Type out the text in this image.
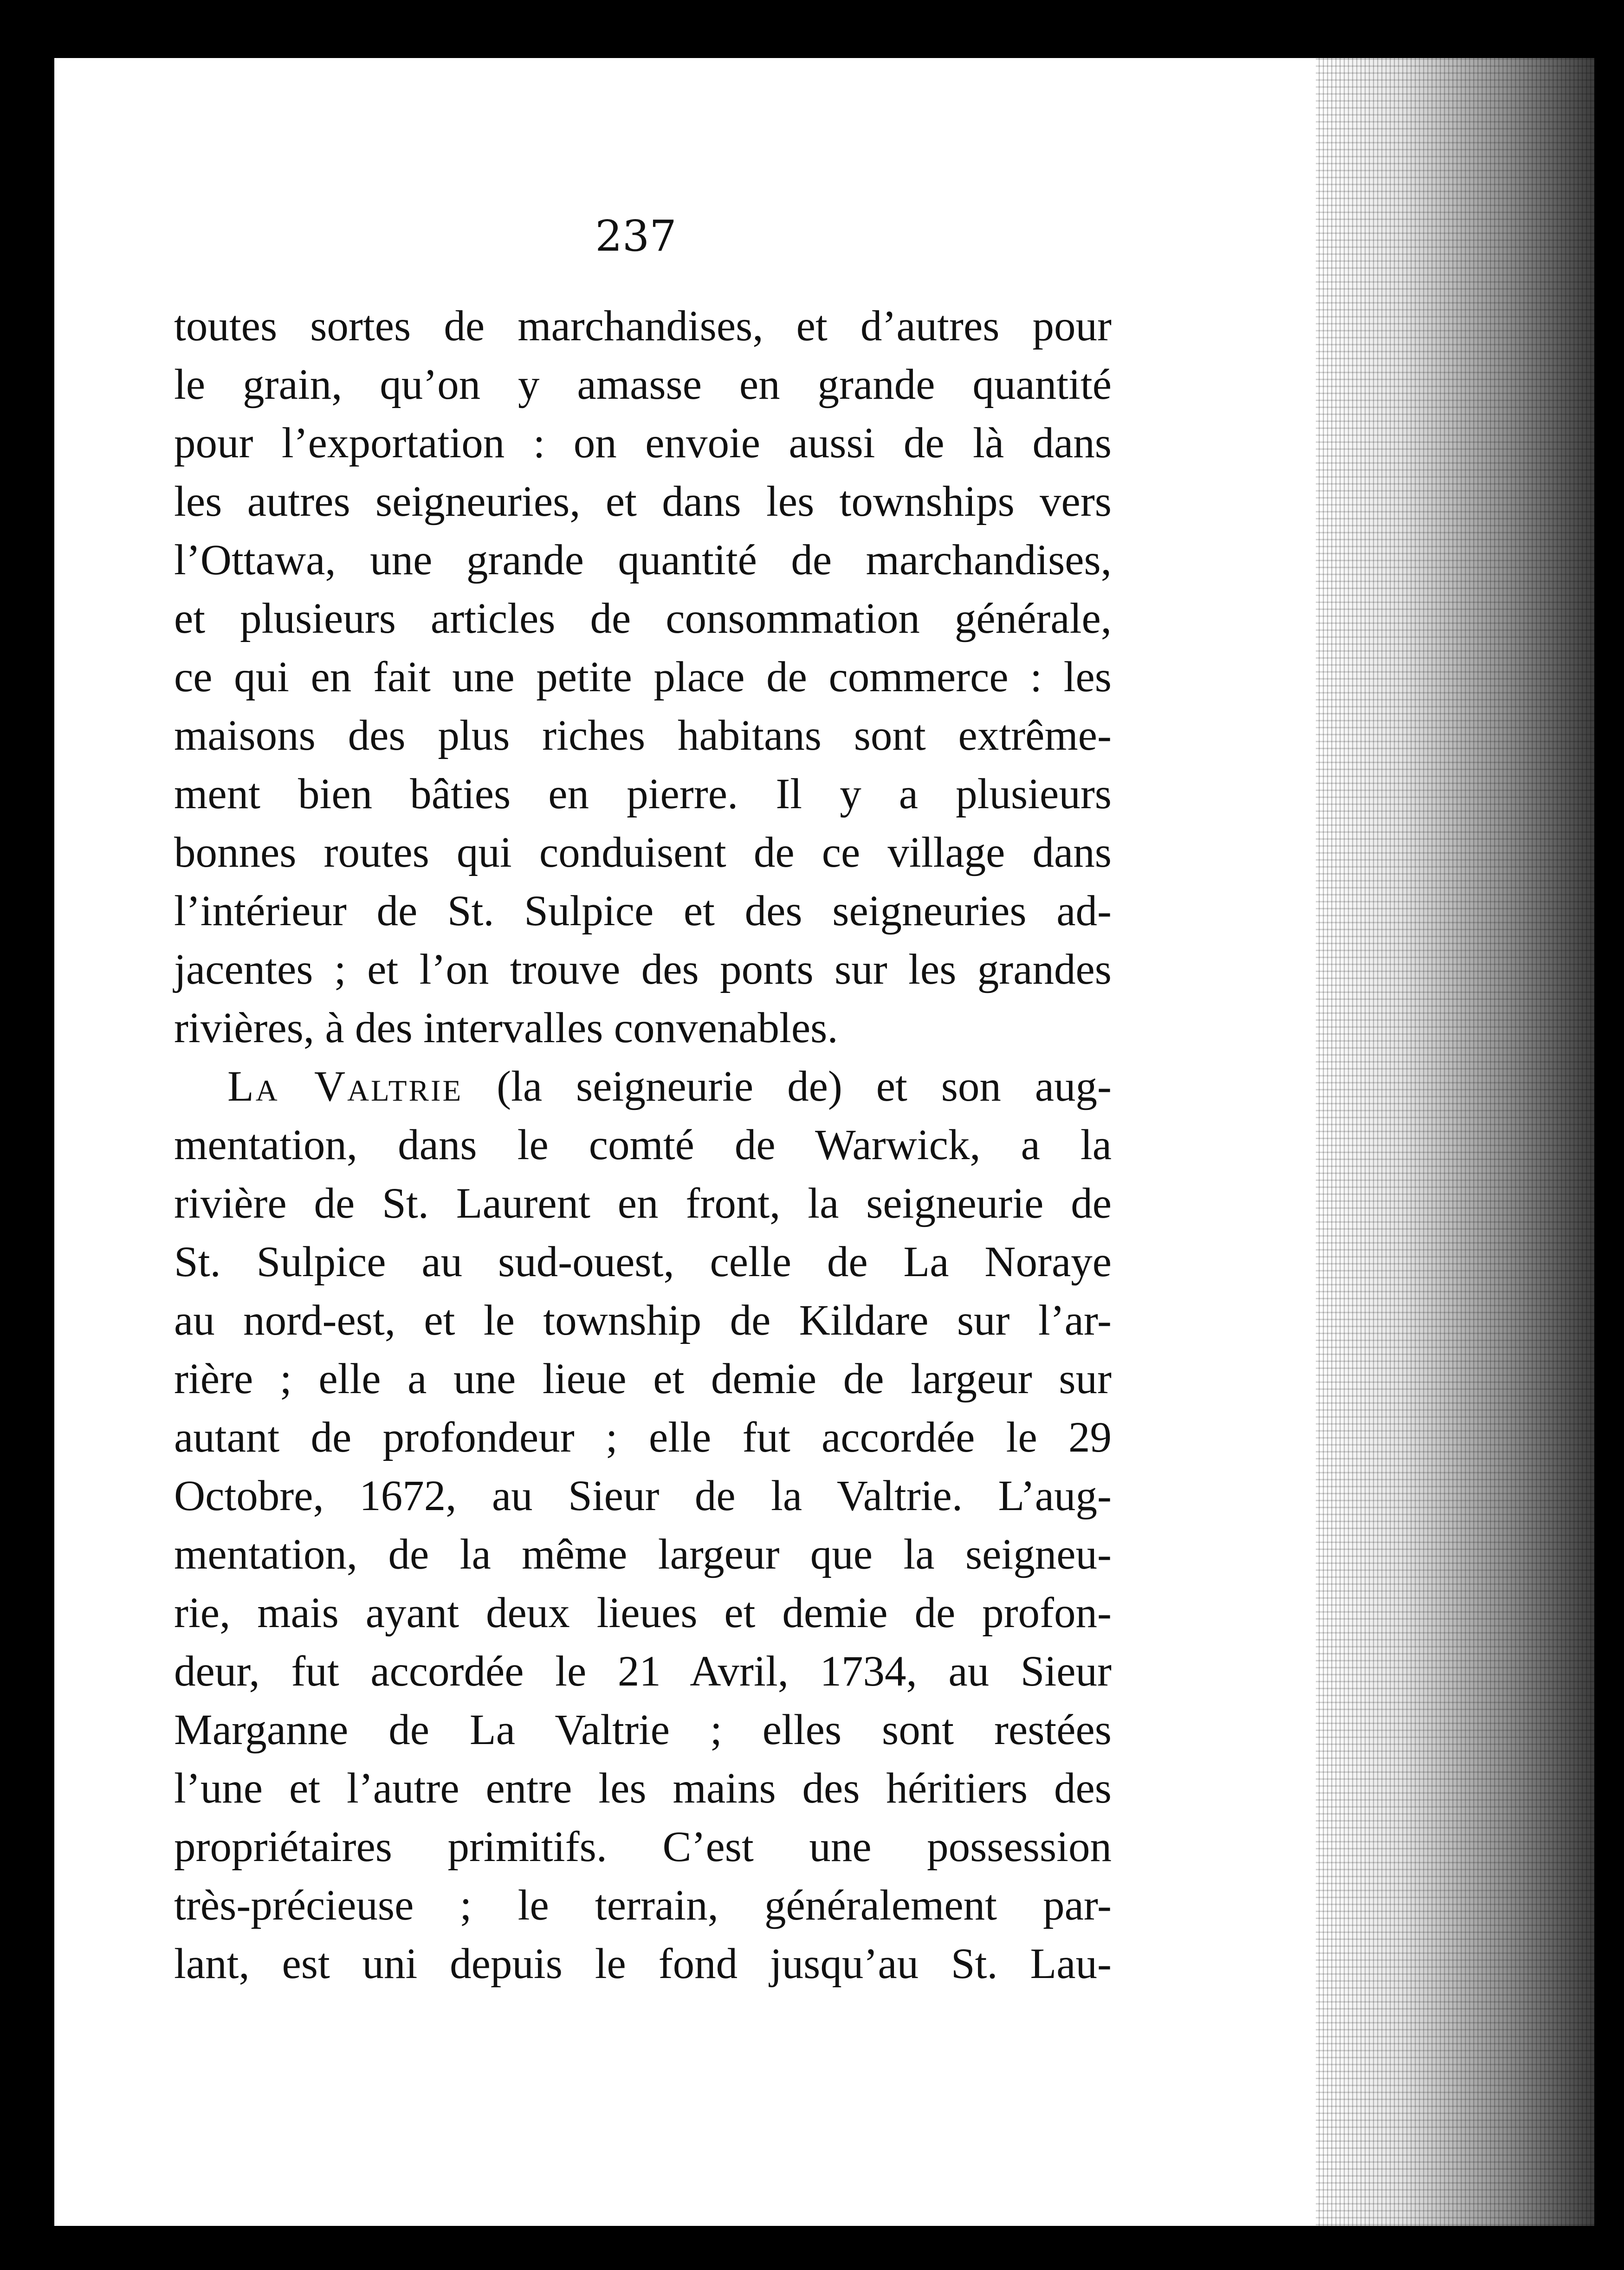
237
toutes sortes de marchandises, et d’autres pour
le grain, qu’on y amasse en grande quantité
pour l’exportation : on envoie aussi de là dans
les autres seigneuries, et dans les townships vers
l’Ottawa, une grande quantité de marchandises,
et plusieurs articles de consommation générale,
ce qui en fait une petite place de commerce : les
maisons des plus riches habitans sont extrême-
ment bien bâties en pierre. Il y a plusieurs
bonnes routes qui conduisent de ce village dans
l’intérieur de St. Sulpice et des seigneuries ad-
jacentes ; et l’on trouve des ponts sur les grandes
rivières, à des intervalles convenables.
La Valtrie (la seigneurie de) et son aug-
mentation, dans le comté de Warwick, a la
rivière de St. Laurent en front, la seigneurie de
St. Sulpice au sud-ouest, celle de La Noraye
au nord-est, et le township de Kildare sur l’ar-
rière ; elle a une lieue et demie de largeur sur
autant de profondeur ; elle fut accordée le 29
Octobre, 1672, au Sieur de la Valtrie. L’aug-
mentation, de la même largeur que la seigneu-
rie, mais ayant deux lieues et demie de profon-
deur, fut accordée le 21 Avril, 1734, au Sieur
Marganne de La Valtrie ; elles sont restées
l’une et l’autre entre les mains des héritiers des
propriétaires primitifs. C’est une possession
très-précieuse ; le terrain, généralement par-
lant, est uni depuis le fond jusqu’au St. Lau-
